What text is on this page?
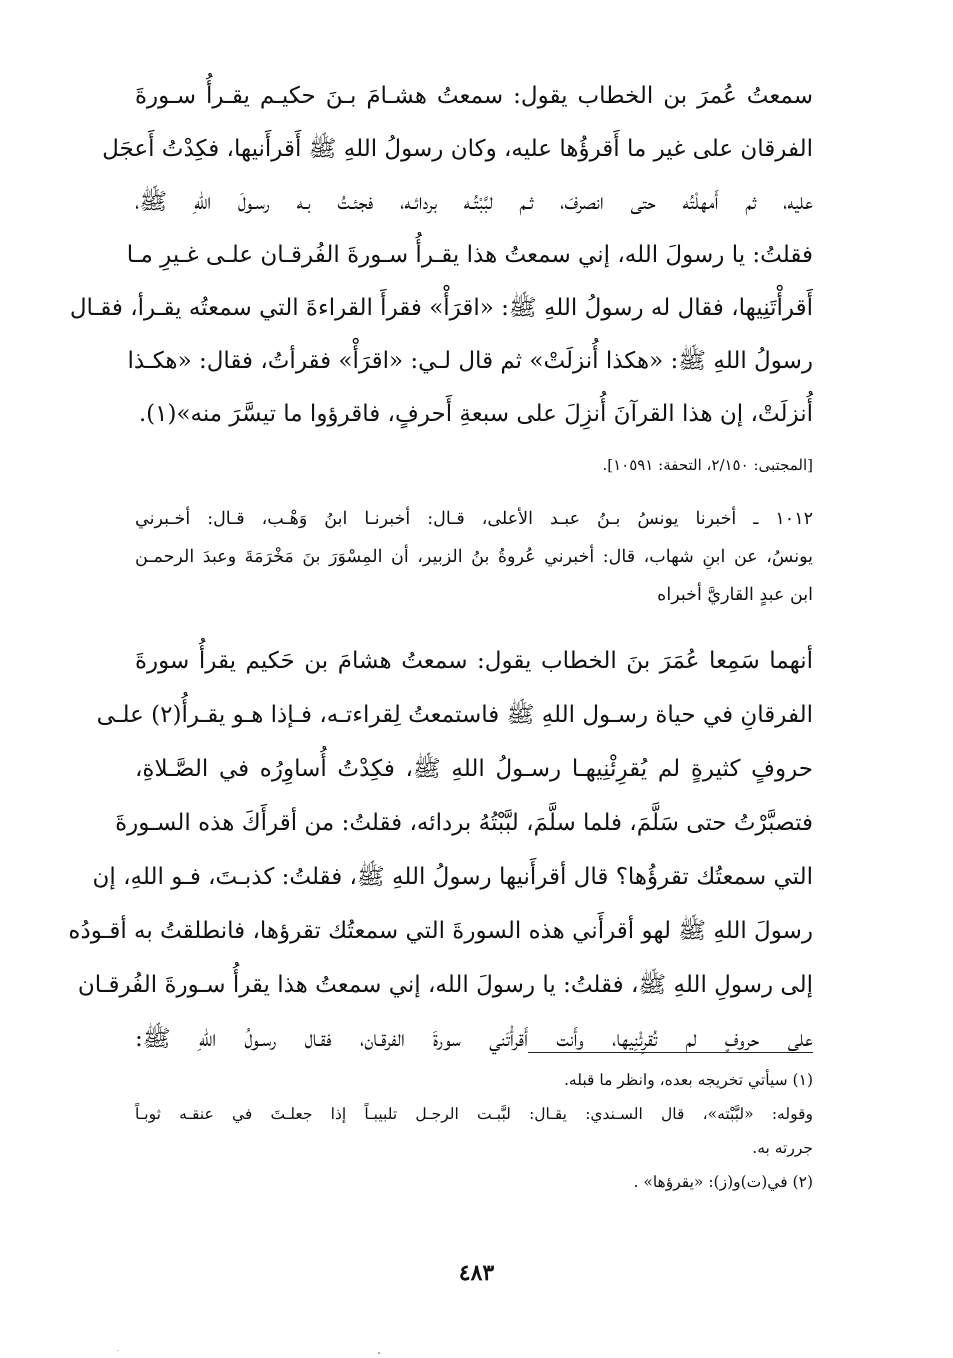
سمعتُ عُمرَ بن الخطاب يقول: سمعتُ هشـامَ بـنَ حكيـم يقـرأُ سـورةَ
الفرقان على غير ما أَقرؤُها عليه، وكان رسولُ اللهِ ﷺ أَقرأَنيها، فكِدْتُ أَعجَل
عليه، ثم أَمهلْتُه حتى انصرفَ، ثـم لبَّبْتُـه بردائـه، فجئـتُ بـه رسـولَ اللهِ ﷺ،
فقلتُ: يا رسولَ الله، إني سمعتُ هذا يقـرأُ سـورةَ الفُرقـان علـى غـيرِ مـا
أَقرأْتَنِيها، فقال له رسولُ اللهِ ﷺ: «اقرَأْ» فقرأَ القراءةَ التي سمعتُه يقـرأ، فقـال
رسولُ اللهِ ﷺ: «هكذا أُنزلَتْ» ثم قال لـي: «اقرَأْ» فقرأتُ، فقال: «هكـذا
أُنزلَتْ، إن هذا القرآنَ أُنزِلَ على سبعةِ أَحرفٍ، فاقرؤوا ما تيسَّرَ منه»(١).
[المجتبى: ٢/١٥٠، التحفة: ١٠٥٩١].
١٠١٢ ـ أخبرنا يونسُ بـنُ عبـد الأعلى، قـال: أخبرنـا ابنُ وَهْـب، قـال: أخـبرني
يونسُ، عن ابنِ شهاب، قال: أخبرني عُروةُ بنُ الزبير، أن المِسْوَرَ بنَ مَخْرَمَةَ وعبدَ الرحمـن
ابن عبدٍ القاريَّ أخبراه
أنهما سَمِعا عُمَرَ بنَ الخطاب يقول: سمعتُ هشامَ بن حَكيم يقرأُ سورةَ
الفرقانِ في حياة رسـول اللهِ ﷺ فاستمعتُ لِقراءتـه، فـإذا هـو يقـرأُ(٢) علـى
حروفٍ كثيرةٍ لم يُقرِئْنِيهـا رسـولُ اللهِ ﷺ، فكِدْتُ أُساوِرُه في الصَّـلاةِ،
فتصبَّرْتُ حتى سَلَّمَ، فلما سلَّمَ، لبَّبْتُهُ بردائه، فقلتُ: من أقرأَكَ هذه السـورةَ
التي سمعتُك تقرؤُها؟ قال أقرأَنيها رسولُ اللهِ ﷺ، فقلتُ: كذبـتَ، فـو اللهِ، إن
رسولَ اللهِ ﷺ لهو أقرأَني هذه السورةَ التي سمعتُك تقرؤها، فانطلقتُ به أقـودُه
إلى رسولِ اللهِ ﷺ، فقلتُ: يا رسولَ الله، إني سمعتُ هذا يقرأُ سـورةَ الفُرقـان
على حروفٍ لم تُقرِئْنِيها، وأَنت أَقرأْتَني سورةَ الفرقـان، فقـال رسـولُ اللهِ ﷺ:
(١) سيأتي تخريجه بعده، وانظر ما قبله.
وقوله: «لبَّبْته»، قال السـندي: يقـال: لبَّبـت الرجـل تلبيبـاً إذا جعلـتَ في عنقـه ثوبـاً
جررته به.
(٢) في(ت)و(ز): «يقرؤها» .
٤٨٣
